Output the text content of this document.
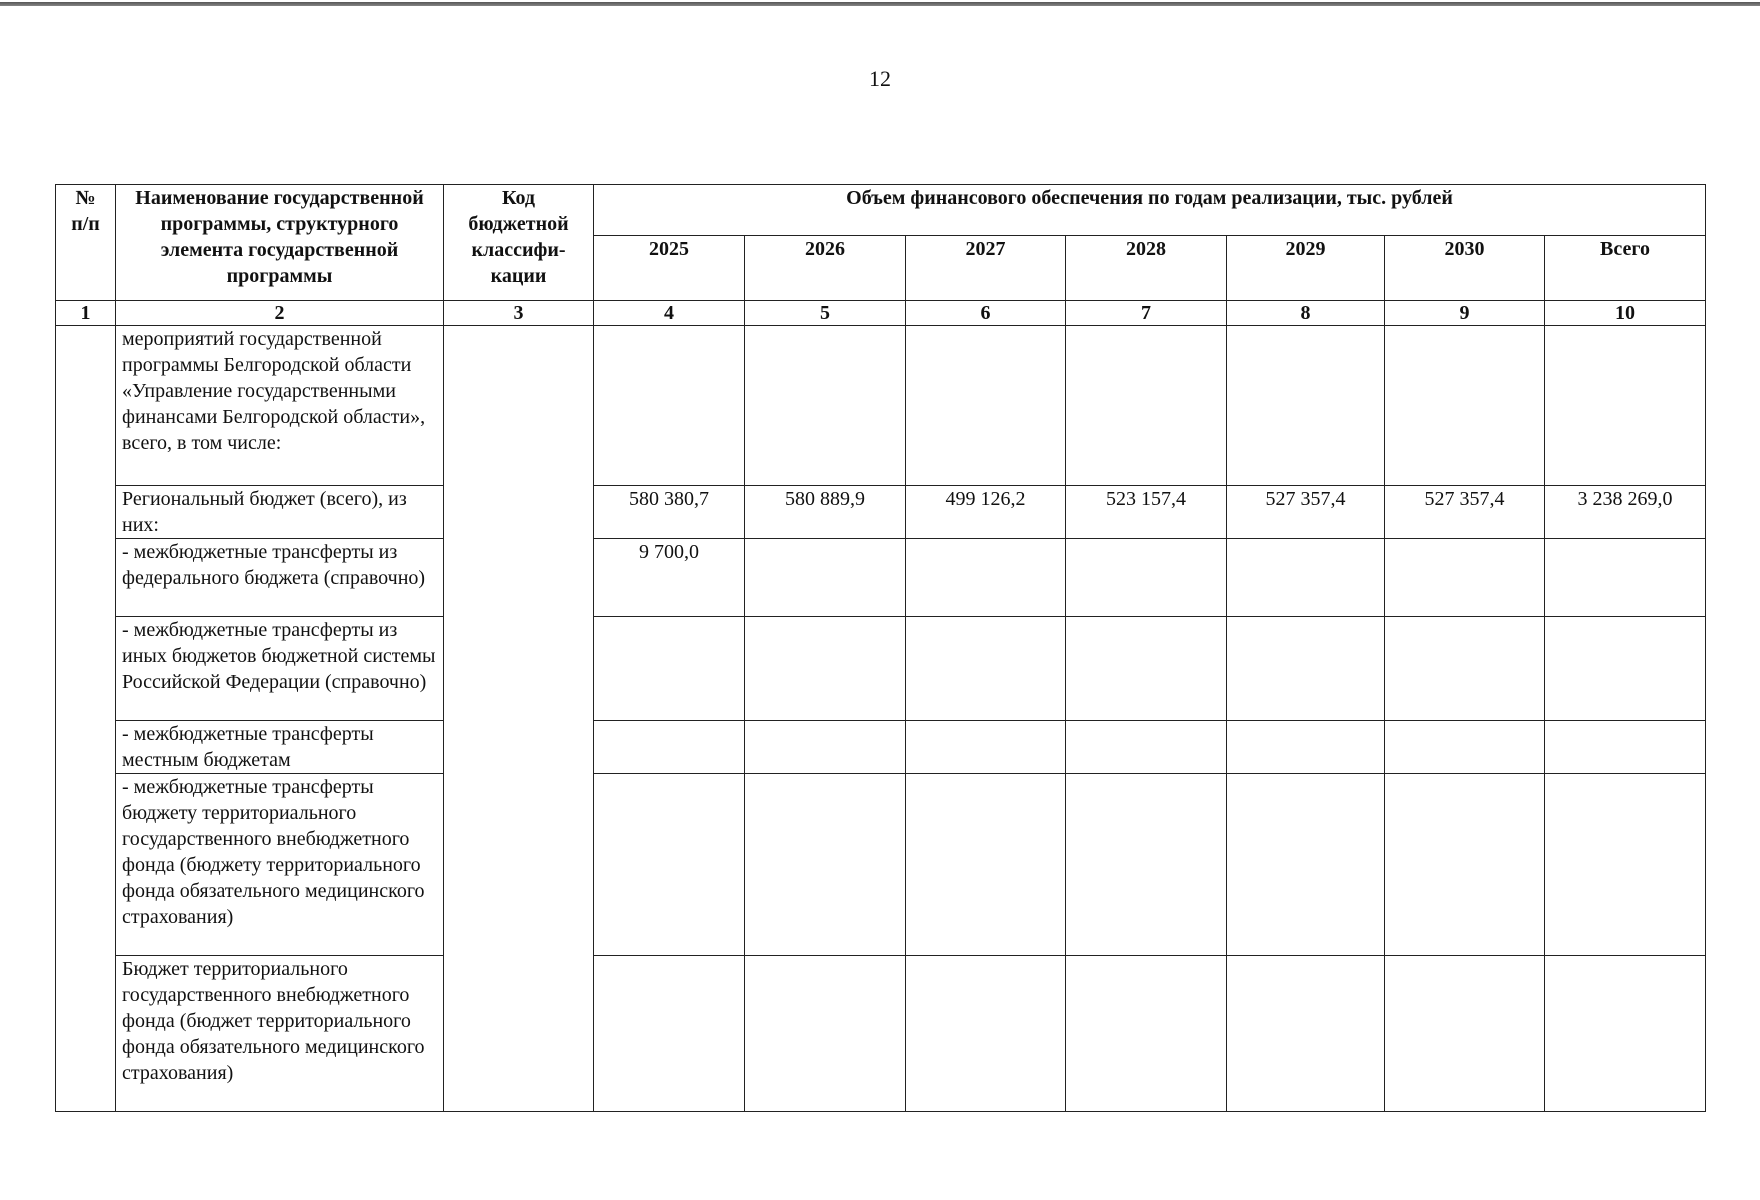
12
№
п/п	Наименование государственной программы, структурного элемента государственной программы	Код бюджетной классифи-кации	Объем финансового обеспечения по годам реализации, тыс. рублей						
			2025	2026	2027	2028	2029	2030	Всего
1	2	3	4	5	6	7	8	9	10
	мероприятий государственной программы Белгородской области «Управление государственными финансами Белгородской области», всего, в том числе:								
	Региональный бюджет (всего), из них:		580 380,7	580 889,9	499 126,2	523 157,4	527 357,4	527 357,4	3 238 269,0
	- межбюджетные трансферты из федерального бюджета (справочно)		9 700,0						
	- межбюджетные трансферты из иных бюджетов бюджетной системы Российской Федерации (справочно)								
	- межбюджетные трансферты местным бюджетам								
	- межбюджетные трансферты бюджету территориального государственного внебюджетного фонда (бюджету территориального фонда обязательного медицинского страхования)								
	Бюджет территориального государственного внебюджетного фонда (бюджет территориального фонда обязательного медицинского страхования)								
